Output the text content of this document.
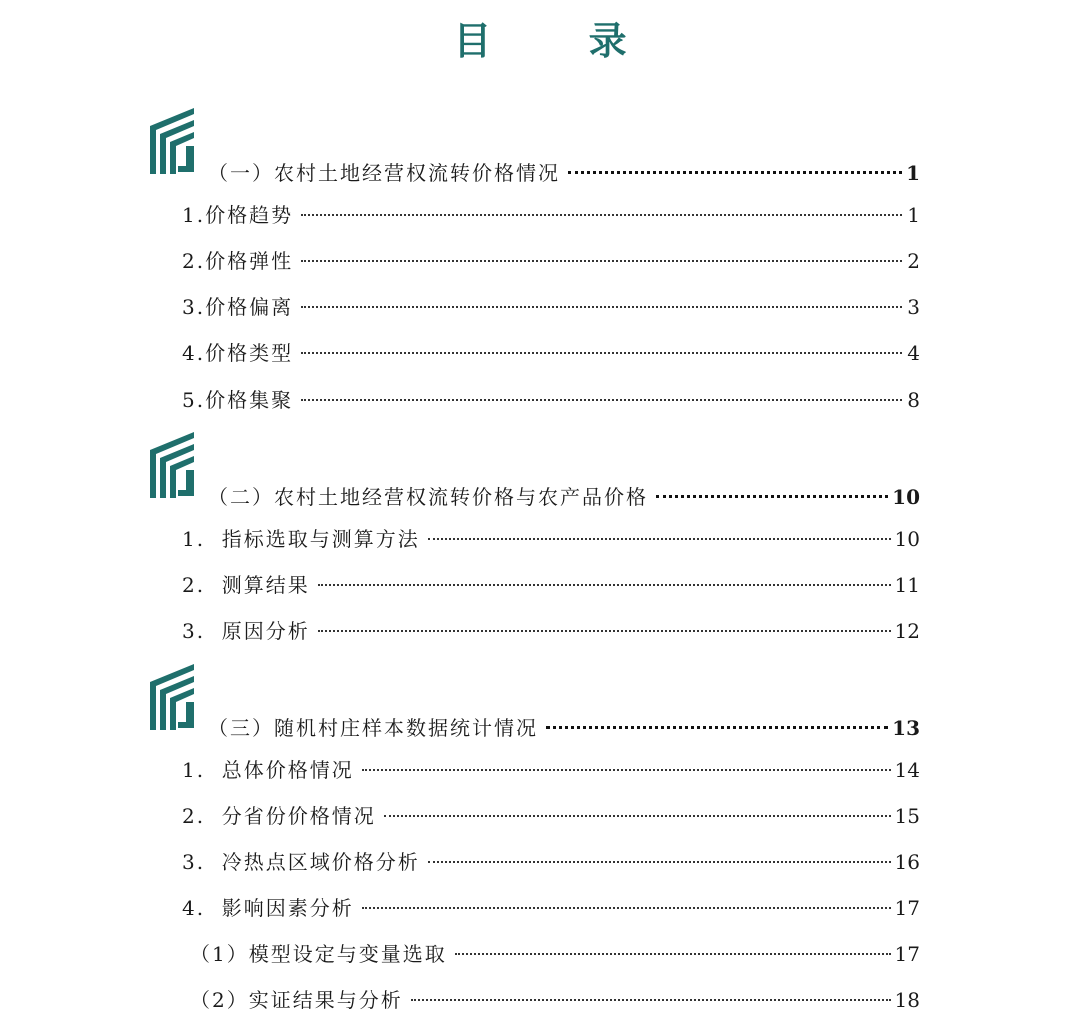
目 录
（一）农村土地经营权流转价格情况	1
1.价格趋势	1
2.价格弹性	2
3.价格偏离	3
4.价格类型	4
5.价格集聚	8
（二）农村土地经营权流转价格与农产品价格	10
1.  指标选取与测算方法	10
2.  测算结果	11
3.  原因分析	12
（三）随机村庄样本数据统计情况	13
1.  总体价格情况	14
2.  分省份价格情况	15
3.  冷热点区域价格分析	16
4.  影响因素分析	17
（1）模型设定与变量选取	17
（2）实证结果与分析	18
